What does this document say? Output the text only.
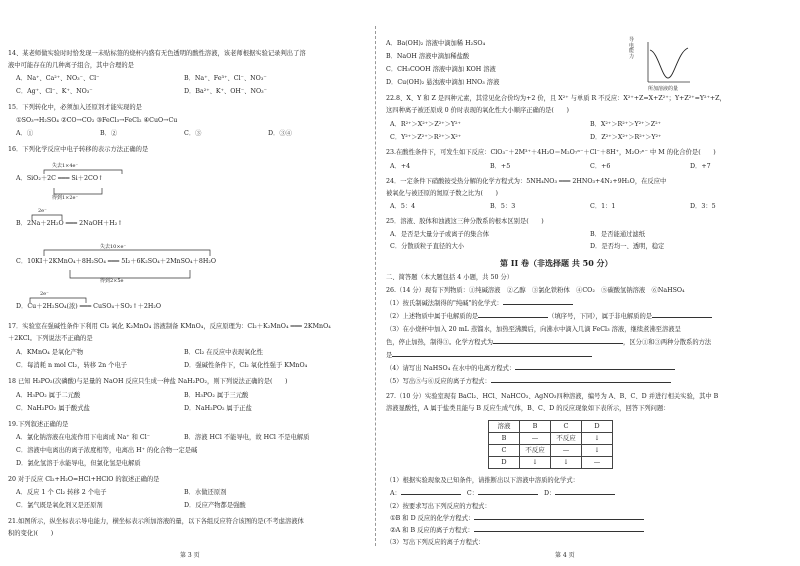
14、某老师做实验时时恰发现一未贴标签的烧杯内盛有无色透明的酸性溶液，该老师根据实验记录判出了溶
液中可能存在的几种离子组合，其中合理的是
A．Na⁺、Ca²⁺、NO₃⁻、Cl⁻	B．Na⁺、Fe³⁺、Cl⁻、NO₃⁻
C．Ag⁺、Cl⁻、K⁺、NO₃⁻	D．Ba²⁺、K⁺、OH⁻、NO₃⁻
15．下列转化中，必须加入还原剂才能实现的是
①SO₃→H₂SO₄ ②CO→CO₂ ③FeCl₃→FeCl₂ ④CuO→Cu
A．①	B．②	C．③	D．③④
16．下列化学反应中电子转移的表示方法正确的是
失去1×4e⁻
A．SiO₂＋2C ═══ Si＋2CO↑
得到1×2e⁻
2e⁻
B．2Na＋2H₂O ═══ 2NaOH＋H₂↑
失去10×e⁻
C．10KI＋2KMnO₄＋8H₂SO₄ ═══ 5I₂＋6K₂SO₄＋2MnSO₄＋8H₂O
得到2×5e
2e⁻
D．Cu＋2H₂SO₄(浓) ═══ CuSO₄＋SO₂↑＋2H₂O
17．实验室在强碱性条件下利用 Cl₂ 氧化 K₂MnO₄ 溶液制备 KMnO₄，反应原理为：Cl₂＋K₂MnO₄ ═══ 2KMnO₄
＋2KCl。下列说法不正确的是
A．KMnO₄ 是氧化产物	B．Cl₂ 在反应中表现氧化性
C．每消耗 n mol Cl₂，转移 2n 个电子	D．强碱性条件下，Cl₂ 氧化性强于 KMnO₄
18 已知 H₃PO₂(次磷酸)与足量的 NaOH 反应只生成一种盐 NaH₂PO₂，则下列说法正确的是(　　)
A．H₃PO₂ 属于二元酸	B．H₃PO₂ 属于三元酸
C．NaH₂PO₂ 属于酸式盐	D．NaH₂PO₂ 属于正盐
19.下列叙述正确的是
A．氯化钠溶液在电流作用下电离成 Na⁺ 和 Cl⁻	B．溶液 HCl 不能导电，故 HCl 不是电解质
C．溶液中电离出的离子浓度相等，电离出 H⁺ 的化合物一定是碱
D．氯化氢溶于水能导电，但氯化氢是电解质
20 对于反应 Cl₂+H₂O=HCl+HClO 的叙述正确的是
A．反应 1 个 Cl₂ 转移 2 个电子	B．水做还原剂
C．氯气既是氧化剂又是还原剂	D．反应产物都是强酸
21.如图所示，纵坐标表示导电能力，横坐标表示所加溶液的量，以下各组反应符合该图的是(不考虑溶液体
积的变化)(　　)
第 3 页
A．Ba(OH)₂ 溶液中滴加稀 H₂SO₄
B．NaOH 溶液中滴加稀盐酸
C．CH₃COOH 溶液中滴加 KOH 溶液
D．Cu(OH)₂ 悬浊液中滴加 HNO₃ 溶液
导电能力
所加溶液的量
22.8、X、Y 和 Z 是四种元素，其常见化合价均为+2 价，且 X²⁺ 与单质 R 不反应：X²⁺+Z=X+Z²⁺；Y+Z²⁺=Y²⁺+Z，
这四种离子被还原成 0 价时表现的氧化性大小顺序正确的是(　　)
A．R²⁺＞X²⁺＞Z²⁺＞Y²⁺	B．X²⁺＞R²⁺＞Y²⁺＞Z²⁺
C．Y²⁺＞Z²⁺＞R²⁺＞X²⁺	D．Z²⁺＞X²⁺＞R²⁺＞Y²⁺
23.在酸性条件下，可发生如下反应：ClO₃⁻＋2M³⁺＋4H₂O＝M₂O₇ⁿ⁻＋Cl⁻＋8H⁺，M₂O₇ⁿ⁻ 中 M 的化合价是(　　)
A．+4	B．+5	C．+6	D．+7
24．一定条件下硝酸铵受热分解的化学方程式为：5NH₄NO₃ ═══ 2HNO₃+4N₂+9H₂O，在反应中
被氧化与被还原的氮原子数之比为(　　)
A．5：4	B．5：3	C．1：1	D．3：5
25．溶液、胶体和浊液这三种分散系的根本区别是(　　)
A．是否是大量分子或离子的集合体	B．是否能通过滤纸
C．分散质粒子直径的大小	D．是否均一、透明，稳定
第 II 卷（非选择题 共 50 分）
二、简答题（本大题包括 4 小题，共 50 分）
26.（14 分）现有下列物质：①纯碱溶液　②乙醇　③氯化铁粉体　④CO₂　⑤碳酸氢钠溶液　⑥NaHSO₄
（1）按氏制碱法制得的"纯碱"的化学式：
（2）上述物质中属于电解质的是	（填序号，下同），属于非电解质的是
（3）在小烧杯中加入 20 mL 蒸馏水，加热至沸腾后，向沸水中滴入几滴 FeCl₃ 溶液，继续煮沸至溶液呈
色，停止加热，制得③。化学方程式为	，区分①和③两种分散系的方法
是
（4）请写出 NaHSO₄ 在水中的电离方程式：
（5）写出⑤与⑥反应的离子方程式：
27.（10 分）实验室现有 BaCl₂、HCl、NaHCO₃、AgNO₃四种溶液，编号为 A、B、C、D 并进行相关实验，其中 B
溶液显酸性，A 属于盐类且能与 B 反应生成气体，B、C、D 的反应现象如下表所示，回答下列问题：
溶液	B	C	D
B	—	不反应	↓
C	不反应	—	↓
D	↓	↓	—
（1）根据实验现象及已知条件，请推断出以下溶液中溶质的化学式：
A：	C：	D：
（2）按要求写出下列反应的方程式：
①B 和 D 反应的化学方程式：
②A 和 B 反应的离子方程式：
（3）写出下列反应的离子方程式：
第 4 页
